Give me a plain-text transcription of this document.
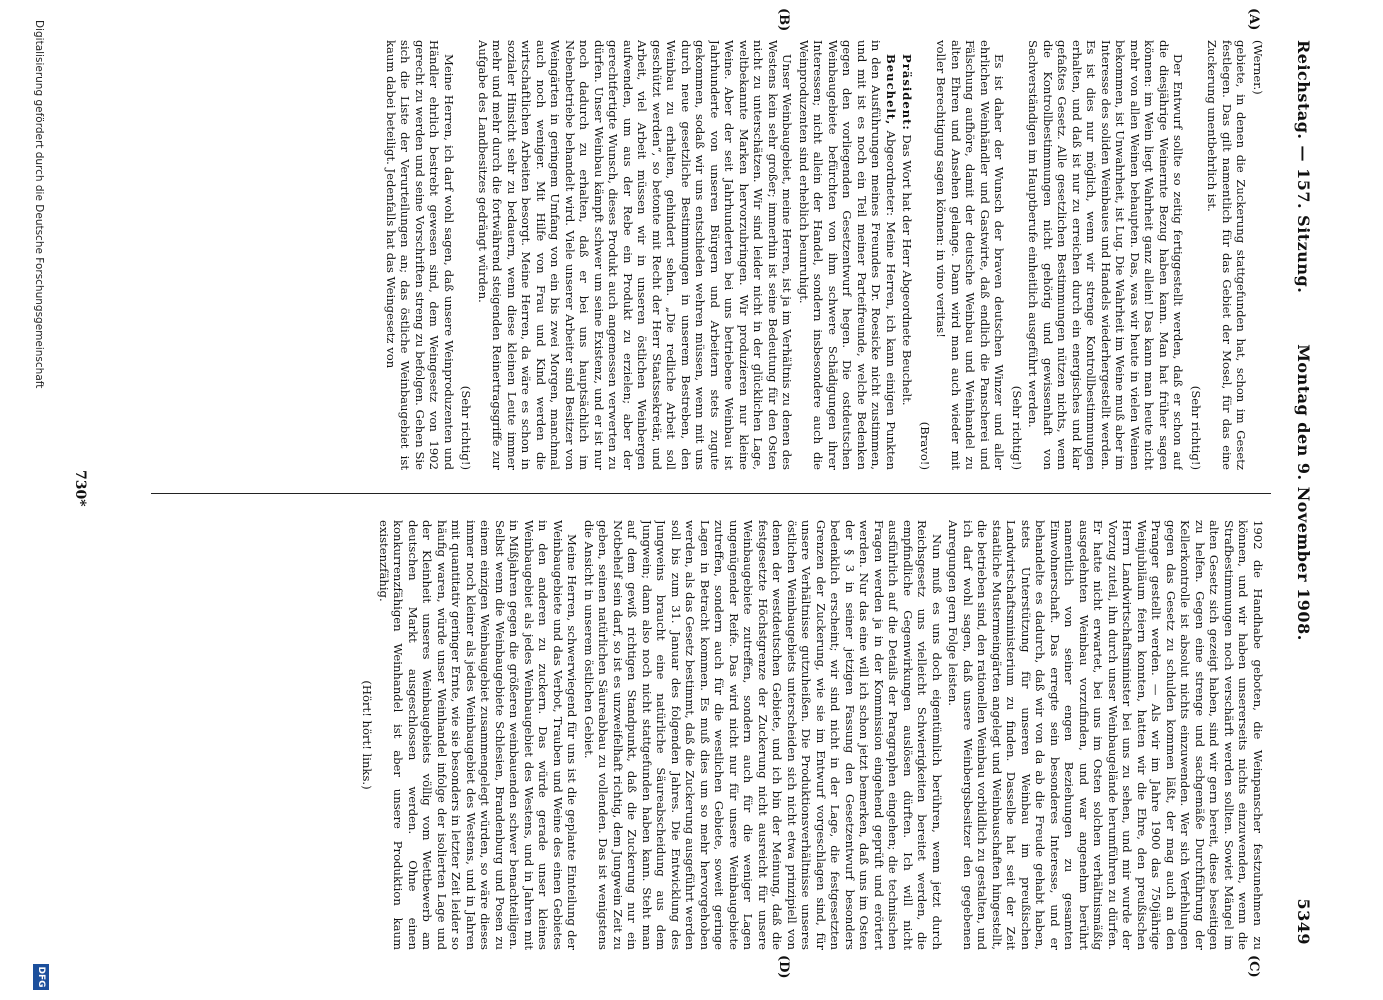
Reichstag. — 157. Sitzung.
Montag den 9. November 1908.
5349
(A)
(B)
(C)
(D)

(Werner.)

gebiete, in denen die Zuckerung stattgefunden hat, schon im Gesetz festlegen. Das gilt namentlich für das Gebiet der Mosel, für das eine Zuckerung unentbehrlich ist.

(Sehr richtig!)

Der Entwurf sollte so zeitig fertiggestellt werden, daß er schon auf die diesjährige Weinernte Bezug haben kann. Man hat früher sagen können: im Wein liegt Wahrheit ganz allein! Das kann man heute nicht mehr von allen Weinen behaupten. Das, was wir heute in vielen Weinen bekommen, ist Unwahrheit, ist Lug. Die Wahrheit im Weine muß aber im Interesse des soliden Weinbaues und Handels wiederhergestellt werden. Es ist dies nur möglich, wenn wir strenge Kontrollbestimmungen erhalten, und daß ist nur zu erreichen durch ein energisches und klar gefaßtes Gesetz. Alle gesetzlichen Bestimmungen nützen nichts, wenn die Kontrollbestimmungen nicht gehörig und gewissenhaft von Sachverständigen im Hauptberufe einheitlich ausgeführt werden.

(Sehr richtig!)

Es ist daher der Wunsch der braven deutschen Winzer und aller ehrlichen Weinhändler und Gastwirte, daß endlich die Panscherei und Fälschung aufhöre, damit der deutsche Weinbau und Weinhandel zu alten Ehren und Ansehen gelange. Dann wird man auch wieder mit voller Berechtigung sagen können: in vino veritas!

(Bravo!)

Präsident: Das Wort hat der Herr Abgeordnete Beuchelt.

Beuchelt, Abgeordneter: Meine Herren, ich kann einigen Punkten in den Ausführungen meines Freundes Dr. Roesicke nicht zustimmen, und mit ist es noch ein Teil meiner Parteifreunde, welche Bedenken gegen den vorliegenden Gesetzentwurf hegen. Die ostdeutschen Weinbaugebiete befürchten von ihm schwere Schädigungen ihrer Interessen; nicht allein der Handel, sondern insbesondere auch die Weinproduzenten sind erheblich beunruhigt.

Unser Weinbaugebiet, meine Herren, ist ja im Verhältnis zu denen des Westens kein sehr großer; immerhin ist seine Bedeutung für den Osten nicht zu unterschätzen. Wir sind leider nicht in der glücklichen Lage, weltbekannte Marken hervorzubringen. Wir produzieren nur kleine Weine. Aber der seit Jahrhunderten bei uns betriebene Weinbau ist Jahrhunderte von unseren Bürgern und Arbeitern stets zugute gekommen, sodaß wir uns entschieden wehren müssen, wenn mit uns durch neue gesetzliche Bestimmungen in unserem Bestreben, den Weinbau zu erhalten, gehindert sehen. „Die redliche Arbeit soll geschützt werden“, so betonte mit Recht der Herr Staatssekretär, und Arbeit, viel Arbeit müssen wir in unseren östlichen Weinbergen aufwenden, um aus der Rebe ein Produkt zu erzielen; aber der gerechtfertigte Wunsch, dieses Produkt auch angemessen verwerten zu dürfen. Unser Weinbau kämpft schwer um seine Existenz, und er ist nur noch dadurch zu erhalten, daß er bei uns hauptsächlich im Nebenbetriebe behandelt wird. Viele unserer Arbeiter sind Besitzer von Weingärten in geringem Umfang von ein bis zwei Morgen, manchmal auch noch weniger. Mit Hilfe von Frau und Kind werden die wirtschaftlichen Arbeiten besorgt. Meine Herren, da wäre es schon in sozialer Hinsicht sehr zu bedauern, wenn diese kleinen Leute immer mehr und mehr durch die fortwährend steigenden Reinertragsgriffe zur Aufgabe des Landbesitzes gedrängt würden.

(Sehr richtig!)

Meine Herren, ich darf wohl sagen, daß unsere Weinproduzenten und Händler ehrlich bestrebt gewesen sind, dem Weingesetz von 1902 gerecht zu werden und seine Vorschriften streng zu befolgen. Gehen Sie sich die Liste der Verurteilungen an; das östliche Weinbaugebiet ist kaum dabei beteiligt. Jedenfalls hat das Weingesetz von

1902 die Handhabe geboten, die Weinpanscher festzunehmen zu können, und wir haben unsererseits nichts einzuwenden, wenn die Strafbestimmungen noch verschärft werden sollten. Sowiet Mängel im alten Gesetz sich gezeigt haben, sind wir gern bereit, diese beseitigen zu helfen. Gegen eine strenge und sachgemäße Durchführung der Kellerkontrolle ist absolut nichts einzuwenden. Wer sich Verfehlungen gegen das Gesetz zu schulden kommen läßt, der mag auch an den Pranger gestellt werden. — Als wir im Jahre 1900 das 750jährige Weinjubiläum feiern konnten, hatten wir die Ehre, den preußischen Herrn Landwirtschaftsminister bei uns zu sehen, und mir wurde der Vorzug zuteil, ihn durch unser Weinbaugelände herumführen zu dürfen. Er hatte nicht erwartet, bei uns im Osten solchen verhältnismäßig ausgedehnten Weinbau vorzufinden, und war angenehm berührt namentlich von seiner engen Beziehungen zu gesamten Einwohnerschaft. Das erregte sein besonderes Interesse, und er behandelte es dadurch, daß wir von da ab die Freude gehabt haben, stets Unterstützung für unseren Weinbau im preußischen Landwirtschaftsministerium zu finden. Dasselbe hat seit der Zeit staatliche Mustermeingärten angelegt und Weinbauschaften hingestellt, die betrieben sind, den rationellen Weinbau vorbildlich zu gestalten, und ich darf wohl sagen, daß unsere Weinbergsbesitzer den gegebenen Anregungen gern Folge leisten.

Nun muß es uns doch eigentümlich berühren, wenn jetzt durch Reichsgesetz uns vielleicht Schwierigkeiten bereitet werden, die empfindliche Gegenwirkungen auslösen dürften. Ich will nicht ausführlich auf die Details der Paragraphen eingehen; die technischen Fragen werden ja in der Kommission eingehend geprüft und erörtert werden. Nur das eine will ich schon jetzt bemerken, daß uns im Osten der § 3 in seiner jetzigen Fassung den Gesetzentwurf besonders bedenklich erscheint; wir sind nicht in der Lage, die festgesetzten Grenzen der Zuckerung, wie sie im Entwurf vorgeschlagen sind, für unsere Verhältnisse gutzuheißen. Die Produktionsverhältnisse unseres östlichen Weinbaugebiets unterscheiden sich nicht etwa prinzipiell von denen der westdeutschen Gebiete, und ich bin der Meinung, daß die festgesetzte Höchstgrenze der Zuckerung nicht ausreicht für unsere Weinbaugebiete zutreffen, sondern auch für die weniger Lagen ungenügender Reife. Das wird nicht nur für unsere Weinbaugebiete zutreffen, sondern auch für die westlichen Gebiete, soweit geringe Lagen in Betracht kommen. Es muß dies um so mehr hervorgehoben werden, als das Gesetz bestimmt, daß die Zuckerung ausgeführt werden soll bis zum 31. Januar des folgenden Jahres. Die Entwicklung des Jungweins braucht eine natürliche Säureabscheidung aus dem Jungwein; dann also noch nicht stattgefunden haben kann. Steht man auf dem gewiß richtigen Standpunkt, daß die Zuckerung nur ein Notbehelf sein darf, so ist es unzweifelhaft richtig, dem Jungwein Zeit zu geben, seinen natürlichen Säureabbau zu vollenden. Das ist wenigstens die Ansicht in unserem östlichen Gebiet.

Meine Herren, schwerwiegend für uns ist die geplante Einteilung der Weinbaugebiete und das Verbot, Trauben und Weine des einen Gebietes in den anderen zu zuckern. Das würde gerade unser kleines Weinbaugebiet als jedes Weinbaugebiet des Westens, und in Jahren mit in Mißjahren gegen die größeren weinbauenden schwer benachteiligen. Selbst wenn die Weinbaugebiete Schlesien, Brandenburg und Posen zu einem einzigen Weinbaugebiet zusammengelegt würden, so wäre dieses immer noch kleiner als jedes Weinbaugebiet des Westens, und in Jahren mit quantitativ geringer Ernte, wie sie besonders in letzter Zeit leider so häufig waren, würde unser Weinhandel infolge der isolierten Lage und der Kleinheit unseres Weinbaugebiets völlig vom Wettbewerb am deutschen Markt ausgeschlossen werden. Ohne einen konkurrenzfähigen Weinhandel ist aber unsere Produktion kaum existenzfähig.

(Hört! hört! links.)

730*
Digitalisierung gefördert durch die Deutsche Forschungsgemeinschaft
DFG
